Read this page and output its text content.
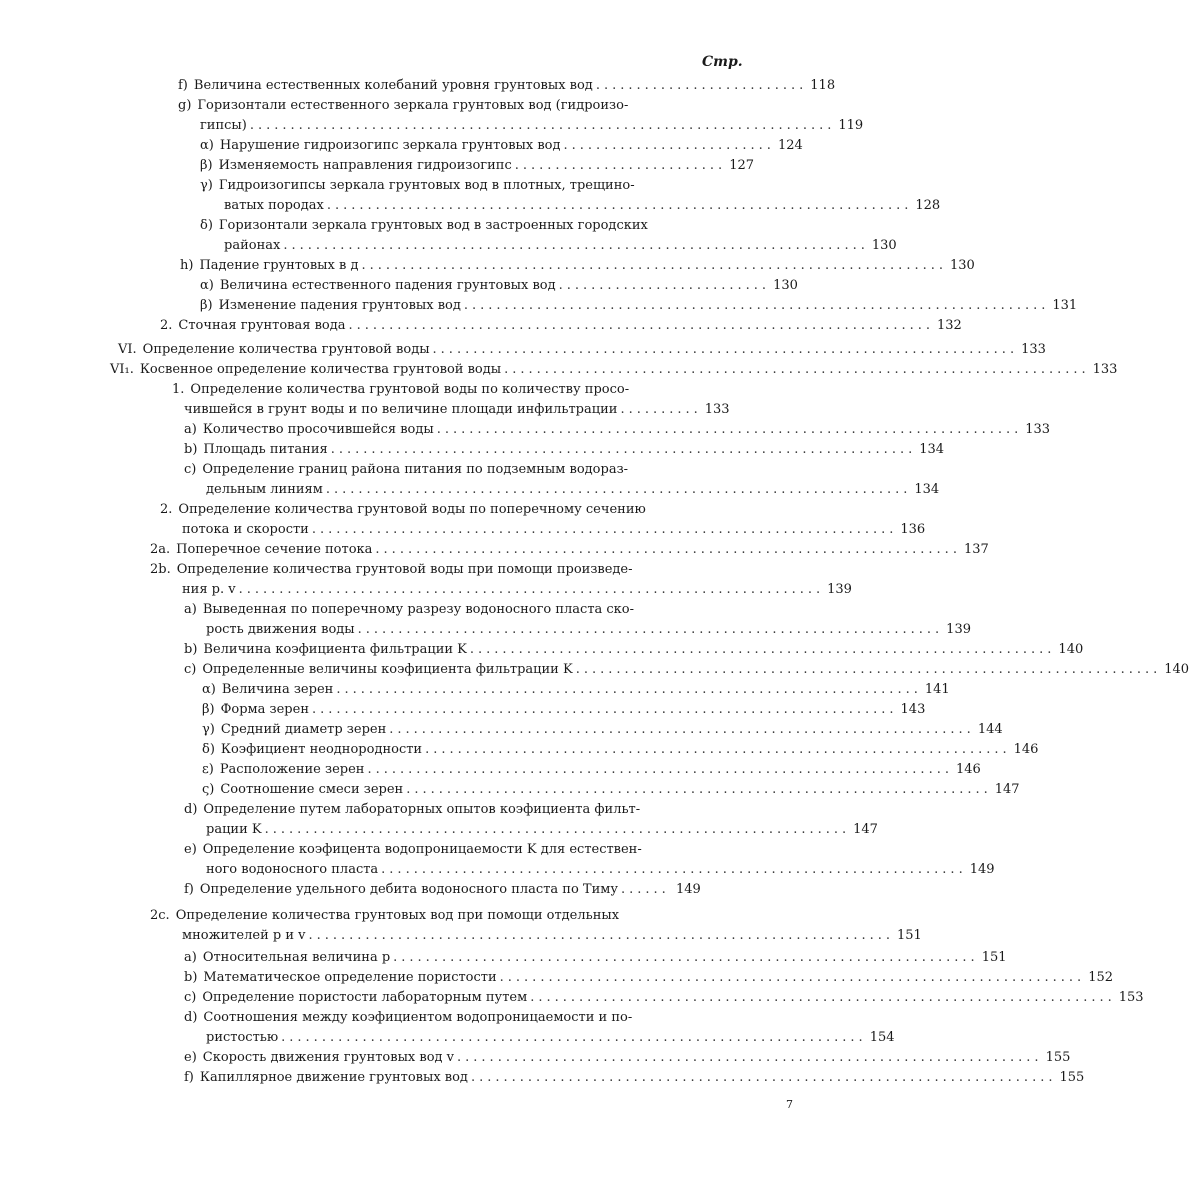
Стр.
f) Величина естественных колебаний уровня грунтовых вод .......................... 118
g) Горизонтали естественного зеркала грунтовых вод (гидроизо-
гипсы) ........................................................................ 119
α) Нарушение гидроизогипс зеркала грунтовых вод .......................... 124
β) Изменяемость направления гидроизогипс .......................... 127
γ) Гидроизогипсы зеркала грунтовых вод в плотных, трещино-
ватых породах ........................................................................ 128
δ) Горизонтали зеркала грунтовых вод в застроенных городских
районах ........................................................................ 130
h) Падение грунтовых в д ........................................................................ 130
α) Величина естественного падения грунтовых вод .......................... 130
β) Изменение падения грунтовых вод ........................................................................ 131
2. Сточная грунтовая вода ........................................................................ 132
VI. Определение количества грунтовой воды ........................................................................ 133
VI₁. Косвенное определение количества грунтовой воды ........................................................................ 133
1. Определение количества грунтовой воды по количеству просо-
чившейся в грунт воды и по величине площади инфильтрации .......... 133
a) Количество просочившейся воды ........................................................................ 133
b) Площадь питания ........................................................................ 134
c) Определение границ района питания по подземным водораз-
дельным линиям ........................................................................ 134
2. Определение количества грунтовой воды по поперечному сечению
потока и скорости ........................................................................ 136
2a. Поперечное сечение потока ........................................................................ 137
2b. Определение количества грунтовой воды при помощи произведе-
ния p. v ........................................................................ 139
a) Выведенная по поперечному разрезу водоносного пласта ско-
рость движения воды ........................................................................ 139
b) Величина коэфициента фильтрации K ........................................................................ 140
c) Определенные величины коэфициента фильтрации K ........................................................................ 140
α) Величина зерен ........................................................................ 141
β) Форма зерен ........................................................................ 143
γ) Средний диаметр зерен ........................................................................ 144
δ) Коэфициент неоднородности ........................................................................ 146
ε) Расположение зерен ........................................................................ 146
ς) Соотношение смеси зерен ........................................................................ 147
d) Определение путем лабораторных опытов коэфициента фильт-
рации K ........................................................................ 147
e) Определение коэфицента водопроницаемости K для естествен-
ного водоносного пласта ........................................................................ 149
f) Определение удельного дебита водоносного пласта по Тиму ...... 149
2c. Определение количества грунтовых вод при помощи отдельных
множителей p и v ........................................................................ 151
a) Относительная величина p ........................................................................ 151
b) Математическое определение пористости ........................................................................ 152
c) Определение пористости лабораторным путем ........................................................................ 153
d) Соотношения между коэфициентом водопроницаемости и по-
ристостью ........................................................................ 154
e) Скорость движения грунтовых вод v ........................................................................ 155
f) Капиллярное движение грунтовых вод ........................................................................ 155
7
